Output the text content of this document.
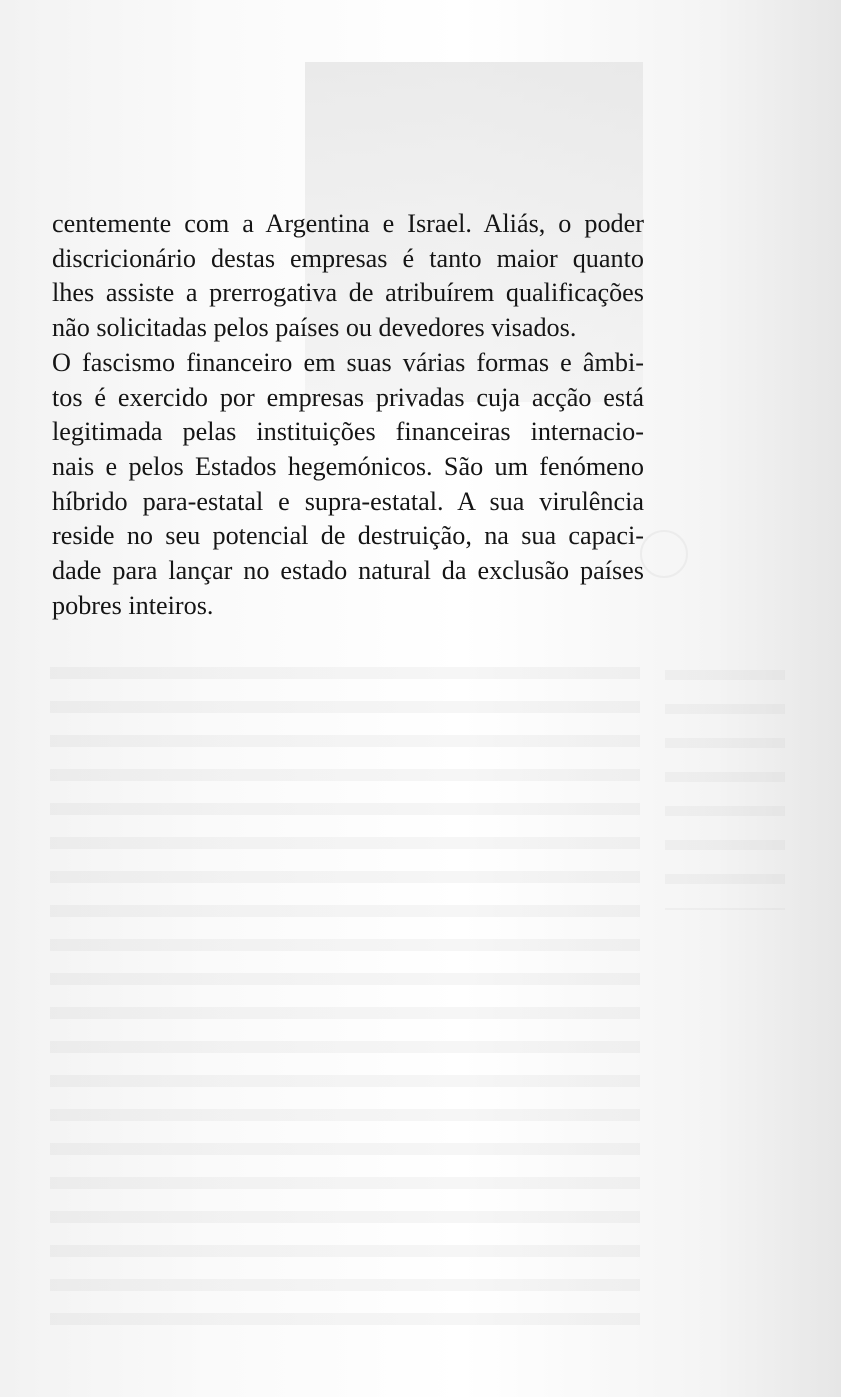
centemente com a Argentina e Israel. Aliás, o poder
discricionário destas empresas é tanto maior quanto
lhes assiste a prerrogativa de atribuírem qualificações
não solicitadas pelos países ou devedores visados.
O fascismo financeiro em suas várias formas e âmbi-
tos é exercido por empresas privadas cuja acção está
legitimada pelas instituições financeiras internacio-
nais e pelos Estados hegemónicos. São um fenómeno
híbrido para-estatal e supra-estatal. A sua virulência
reside no seu potencial de destruição, na sua capaci-
dade para lançar no estado natural da exclusão países
pobres inteiros.
